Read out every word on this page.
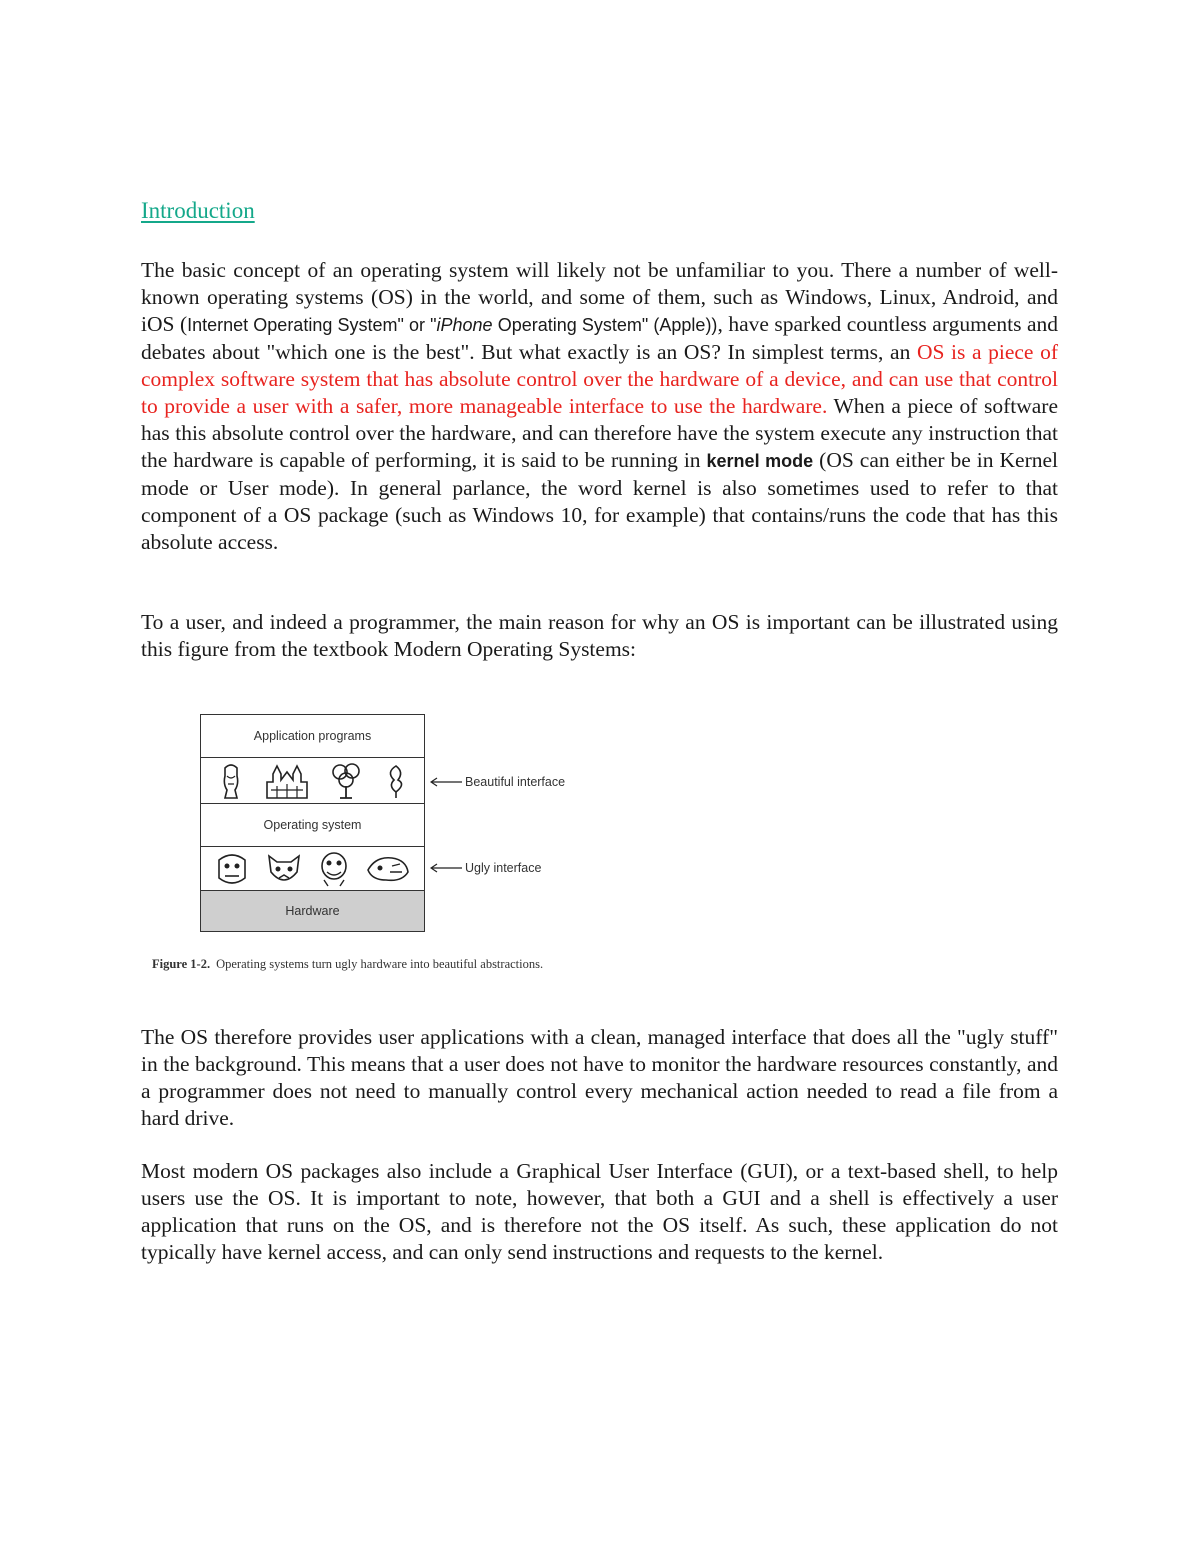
Introduction

The basic concept of an operating system will likely not be unfamiliar to you. There a number of well-known operating systems (OS) in the world, and some of them, such as Windows, Linux, Android, and iOS (Internet Operating System" or "iPhone Operating System" (Apple)), have sparked countless arguments and debates about "which one is the best". But what exactly is an OS? In simplest terms, an OS is a piece of complex software system that has absolute control over the hardware of a device, and can use that control to provide a user with a safer, more manageable interface to use the hardware. When a piece of software has this absolute control over the hardware, and can therefore have the system execute any instruction that the hardware is capable of performing, it is said to be running in kernel mode (OS can either be in Kernel mode or User mode). In general parlance, the word kernel is also sometimes used to refer to that component of a OS package (such as Windows 10, for example) that contains/runs the code that has this absolute access.

To a user, and indeed a programmer, the main reason for why an OS is important can be illustrated using this figure from the textbook Modern Operating Systems:

Application programs
Operating system
Hardware
Beautiful interface
Ugly interface
Figure 1-2. Operating systems turn ugly hardware into beautiful abstractions.

The OS therefore provides user applications with a clean, managed interface that does all the "ugly stuff" in the background. This means that a user does not have to monitor the hardware resources constantly, and a programmer does not need to manually control every mechanical action needed to read a file from a hard drive.

Most modern OS packages also include a Graphical User Interface (GUI), or a text-based shell, to help users use the OS. It is important to note, however, that both a GUI and a shell is effectively a user application that runs on the OS, and is therefore not the OS itself. As such, these application do not typically have kernel access, and can only send instructions and requests to the kernel.
